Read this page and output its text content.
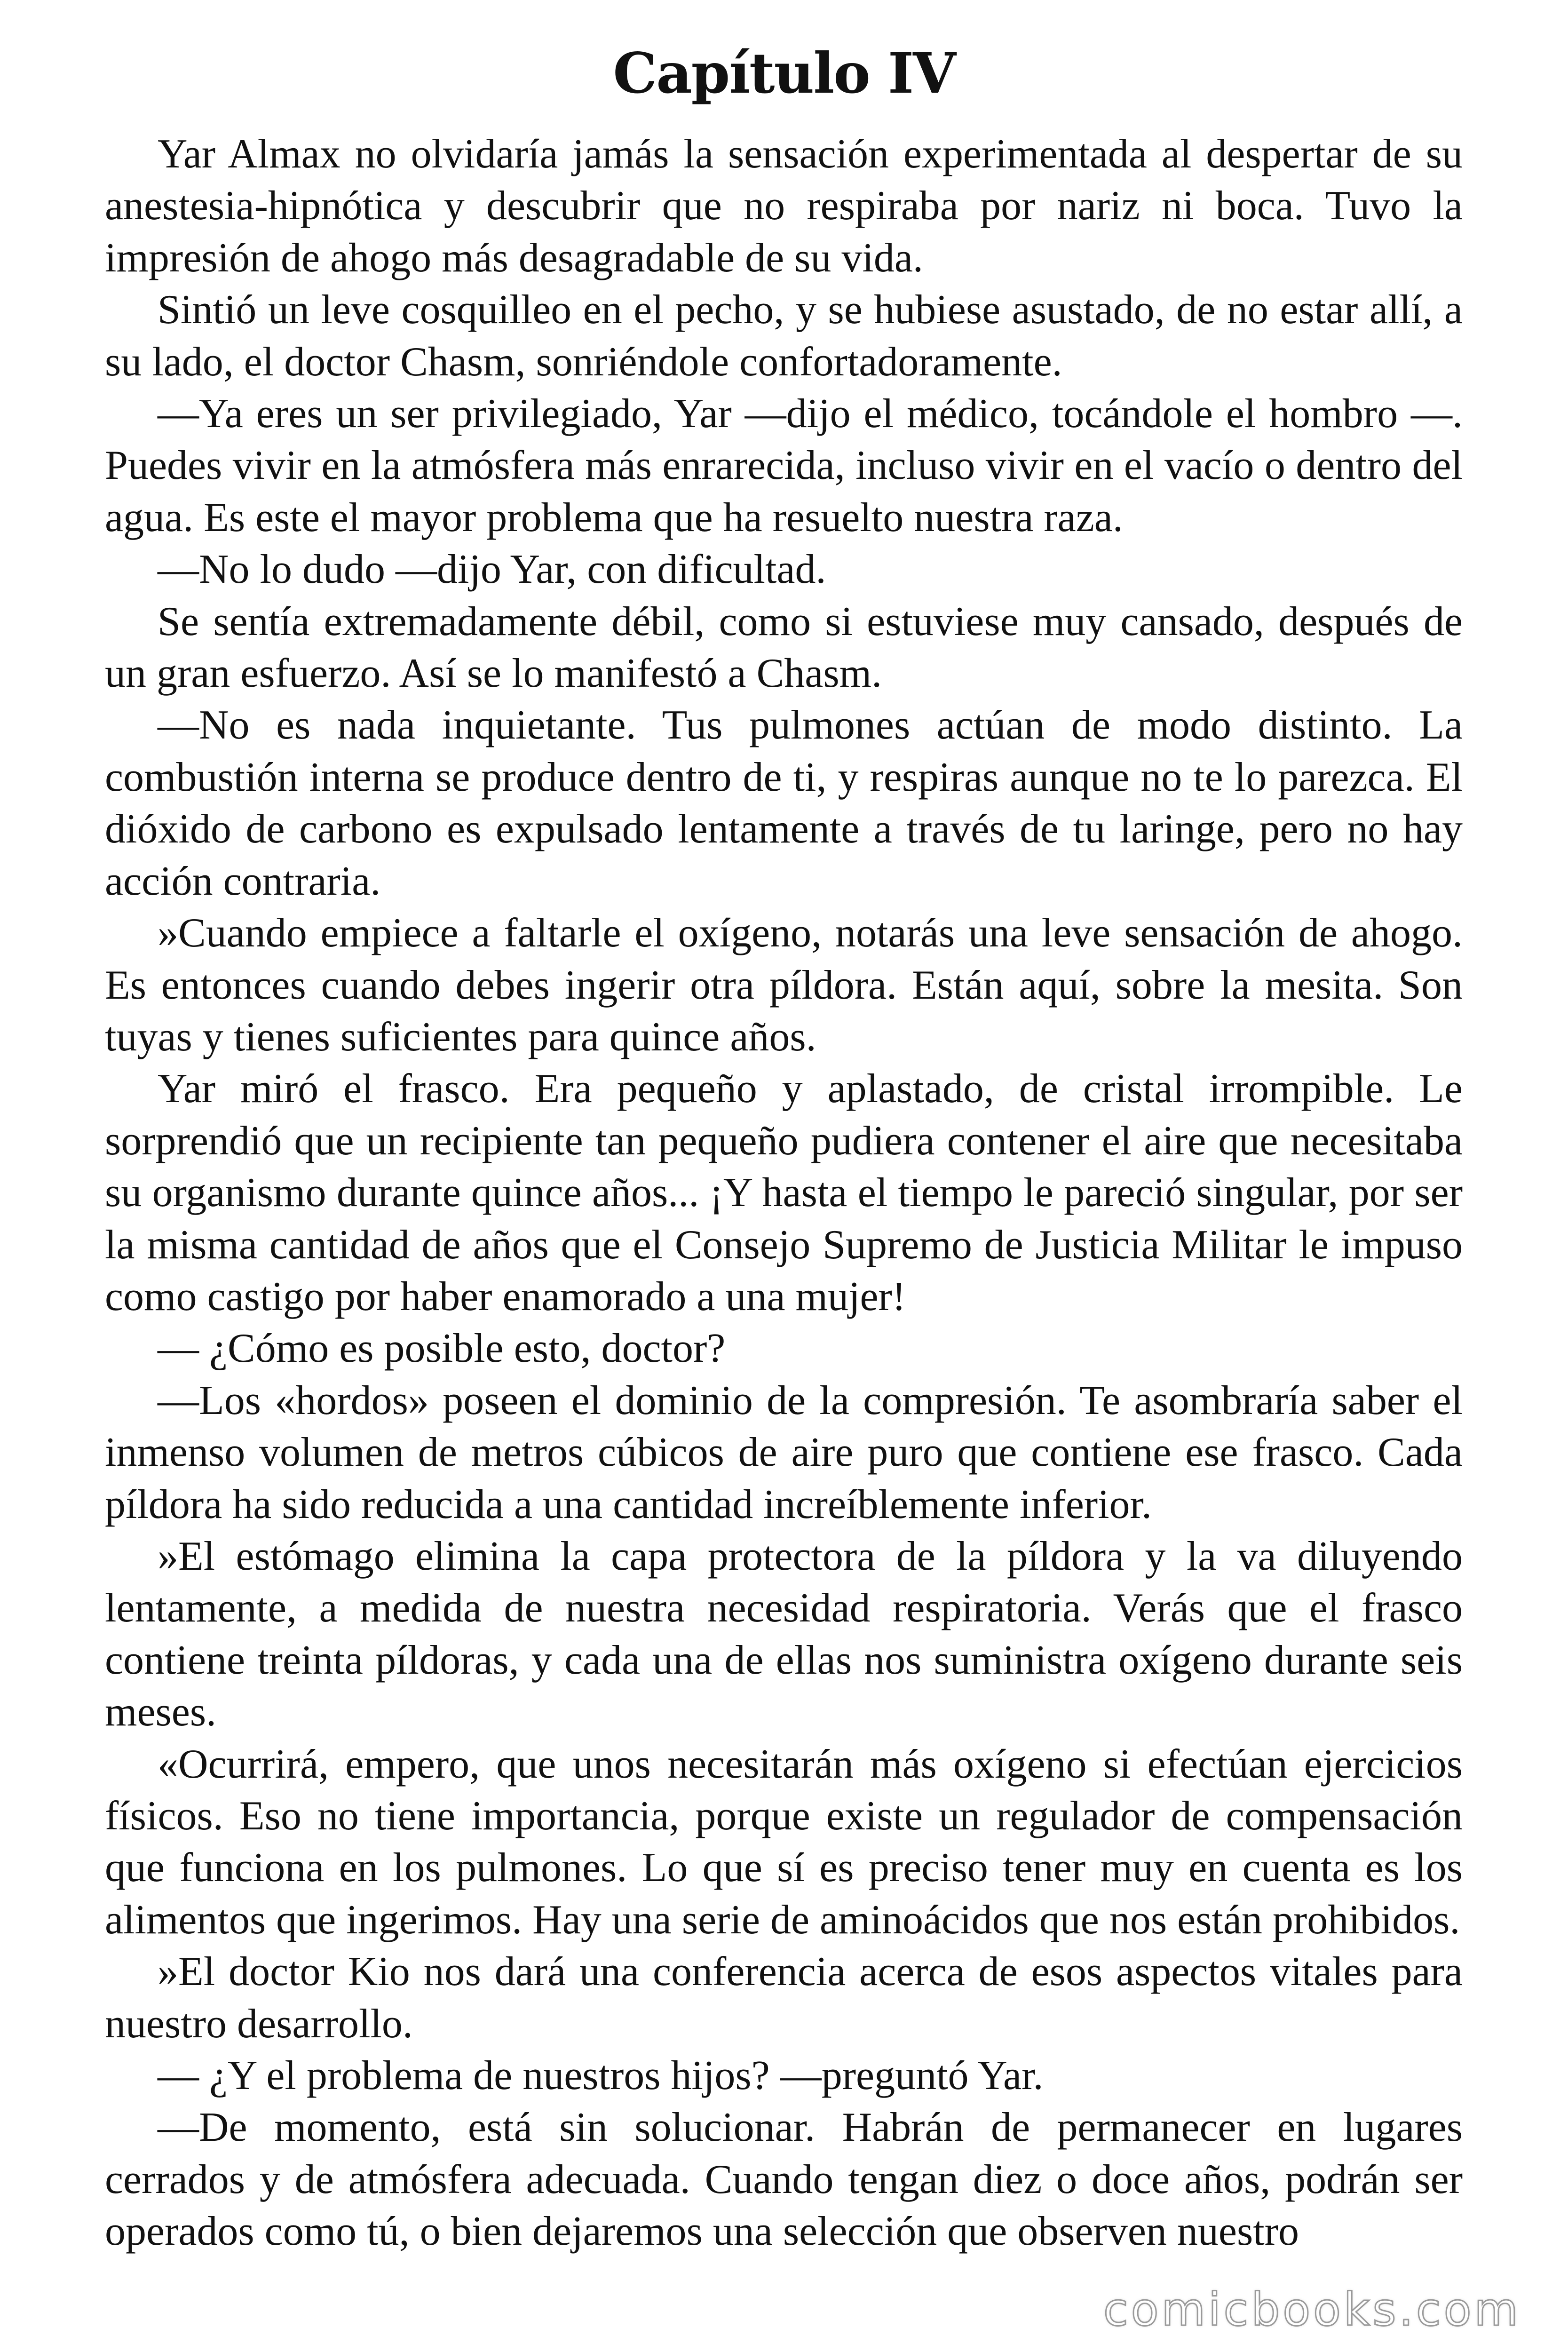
Capítulo IV

Yar Almax no olvidaría jamás la sensación experimentada al despertar de su anestesia-hipnótica y descubrir que no respiraba por nariz ni boca. Tuvo la impresión de ahogo más desagradable de su vida.

Sintió un leve cosquilleo en el pecho, y se hubiese asustado, de no estar allí, a su lado, el doctor Chasm, sonriéndole confortadoramente.

—Ya eres un ser privilegiado, Yar —dijo el médico, tocándole el hombro —. Puedes vivir en la atmósfera más enrarecida, incluso vivir en el vacío o dentro del agua. Es este el mayor problema que ha resuelto nuestra raza.

—No lo dudo —dijo Yar, con dificultad.

Se sentía extremadamente débil, como si estuviese muy cansado, después de un gran esfuerzo. Así se lo manifestó a Chasm.

—No es nada inquietante. Tus pulmones actúan de modo distinto. La combustión interna se produce dentro de ti, y respiras aunque no te lo parezca. El dióxido de carbono es expulsado lentamente a través de tu laringe, pero no hay acción contraria.

»Cuando empiece a faltarle el oxígeno, notarás una leve sensación de ahogo. Es entonces cuando debes ingerir otra píldora. Están aquí, sobre la mesita. Son tuyas y tienes suficientes para quince años.

Yar miró el frasco. Era pequeño y aplastado, de cristal irrompible. Le sorprendió que un recipiente tan pequeño pudiera contener el aire que necesitaba su organismo durante quince años... ¡Y hasta el tiempo le pareció singular, por ser la misma cantidad de años que el Consejo Supremo de Justicia Militar le impuso como castigo por haber enamorado a una mujer!

— ¿Cómo es posible esto, doctor?

—Los «hordos» poseen el dominio de la compresión. Te asombraría saber el inmenso volumen de metros cúbicos de aire puro que contiene ese frasco. Cada píldora ha sido reducida a una cantidad increíblemente inferior.

»El estómago elimina la capa protectora de la píldora y la va diluyendo lentamente, a medida de nuestra necesidad respiratoria. Verás que el frasco contiene treinta píldoras, y cada una de ellas nos suministra oxígeno durante seis meses.

«Ocurrirá, empero, que unos necesitarán más oxígeno si efectúan ejercicios físicos. Eso no tiene importancia, porque existe un regulador de compensación que funciona en los pulmones. Lo que sí es preciso tener muy en cuenta es los alimentos que ingerimos. Hay una serie de aminoácidos que nos están prohibidos.

»El doctor Kio nos dará una conferencia acerca de esos aspectos vitales para nuestro desarrollo.

— ¿Y el problema de nuestros hijos? —preguntó Yar.

—De momento, está sin solucionar. Habrán de permanecer en lugares cerrados y de atmósfera adecuada. Cuando tengan diez o doce años, podrán ser operados como tú, o bien dejaremos una selección que observen nuestro

comicbooks.com
